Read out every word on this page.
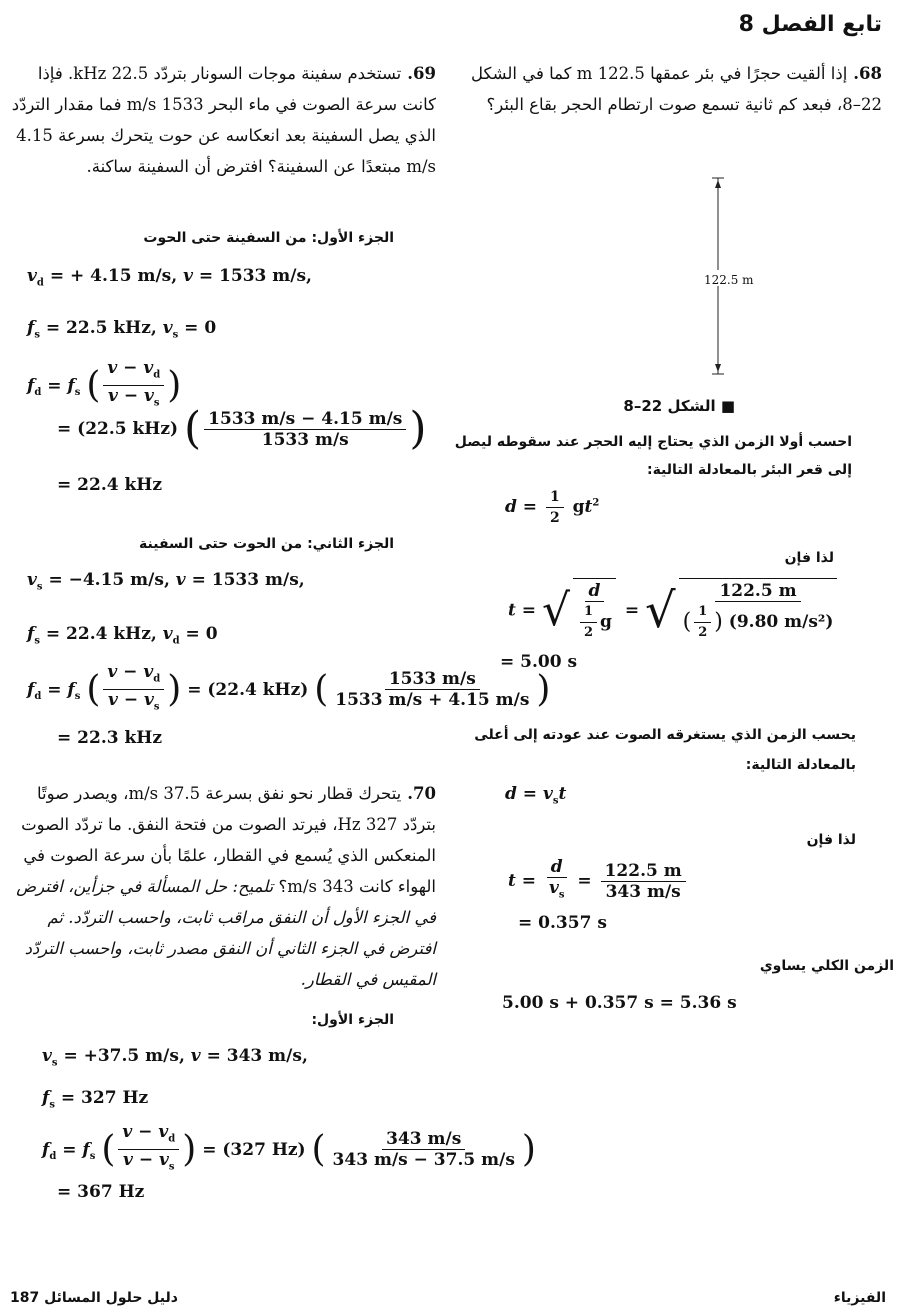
تابع الفصل 8

68.إذا ألقيت حجرًا في بئر عمقها 122.5 m كما في الشكل 22–8، فبعد كم ثانية تسمع صوت ارتطام الحجر بقاع البئر؟

122.5 m
■ الشكل 22–8
احسب أولا الزمن الذي يحتاج إليه الحجر عند سقوطه ليصل إلى قعر البئر بالمعادلة التالية:
$d = \frac{1}{2} gt^2$
لذا فإن
t = √ $\frac{d}{\frac{1}{2} g}$ = √ $\frac{122.5 m}{( \frac{1}{2} ) (9.80 m/s^2)}$
= 5.00 s
يحسب الزمن الذي يستغرقه الصوت عند عودته إلى أعلى بالمعادلة التالية:
$d = v_st$
لذا فإن
$t = \frac{d}{v_s} = \frac{122.5 m}{343 m/s}$
= 0.357 s
الزمن الكلي يساوي
5.00 s + 0.357 s = 5.36 s

69.تستخدم سفينة موجات السونار بتردّد 22.5 kHz. فإذا كانت سرعة الصوت في ماء البحر 1533 m/s فما مقدار التردّد الذي يصل السفينة بعد انعكاسه عن حوت يتحرك بسرعة 4.15 m/s مبتعدًا عن السفينة؟ افترض أن السفينة ساكنة.

الجزء الأول: من السفينة حتى الحوت
$v_d$ = + 4.15 m/s, v = 1533 m/s,
$f_s = 22.5$ kHz, $v_s = 0$
$f_d = f_s$ ( $\frac{v - v_d}{v - v_s}$ )
= (22.5 kHz) ( $\frac{1533 m/s - 4.15 m/s}{1533 m/s}$ )
= 22.4 kHz
الجزء الثاني: من الحوت حتى السفينة
$v_s = -4.15$ m/s, v = 1533 m/s,
$f_s = 22.4$ kHz, $v_d = 0$
$f_d = f_s$ ( $\frac{v - v_d}{v - v_s}$ ) = (22.4 kHz) ( $\frac{1533 m/s}{1533 m/s + 4.15 m/s}$ )
= 22.3 kHz

70.يتحرك قطار نحو نفق بسرعة 37.5 m/s، ويصدر صوتًا بتردّد 327 Hz، فيرتد الصوت من فتحة النفق. ما تردّد الصوت المنعكس الذي يُسمع في القطار، علمًا بأن سرعة الصوت في الهواء كانت 343 m/s؟ تلميح: حل المسألة في جزأين، افترض في الجزء الأول أن النفق مراقب ثابت، واحسب التردّد. ثم افترض في الجزء الثاني أن النفق مصدر ثابت، واحسب التردّد المقيس في القطار.

الجزء الأول:
$v_s = +37.5$ m/s, v = 343 m/s,
$f_s = 327$ Hz
$f_d = f_s$ ( $\frac{v - v_d}{v - v_s}$ ) = (327 Hz) ( $\frac{343 m/s}{343 m/s - 37.5 m/s}$ )
= 367 Hz
دليل حلول المسائل 187	الفيزياء
